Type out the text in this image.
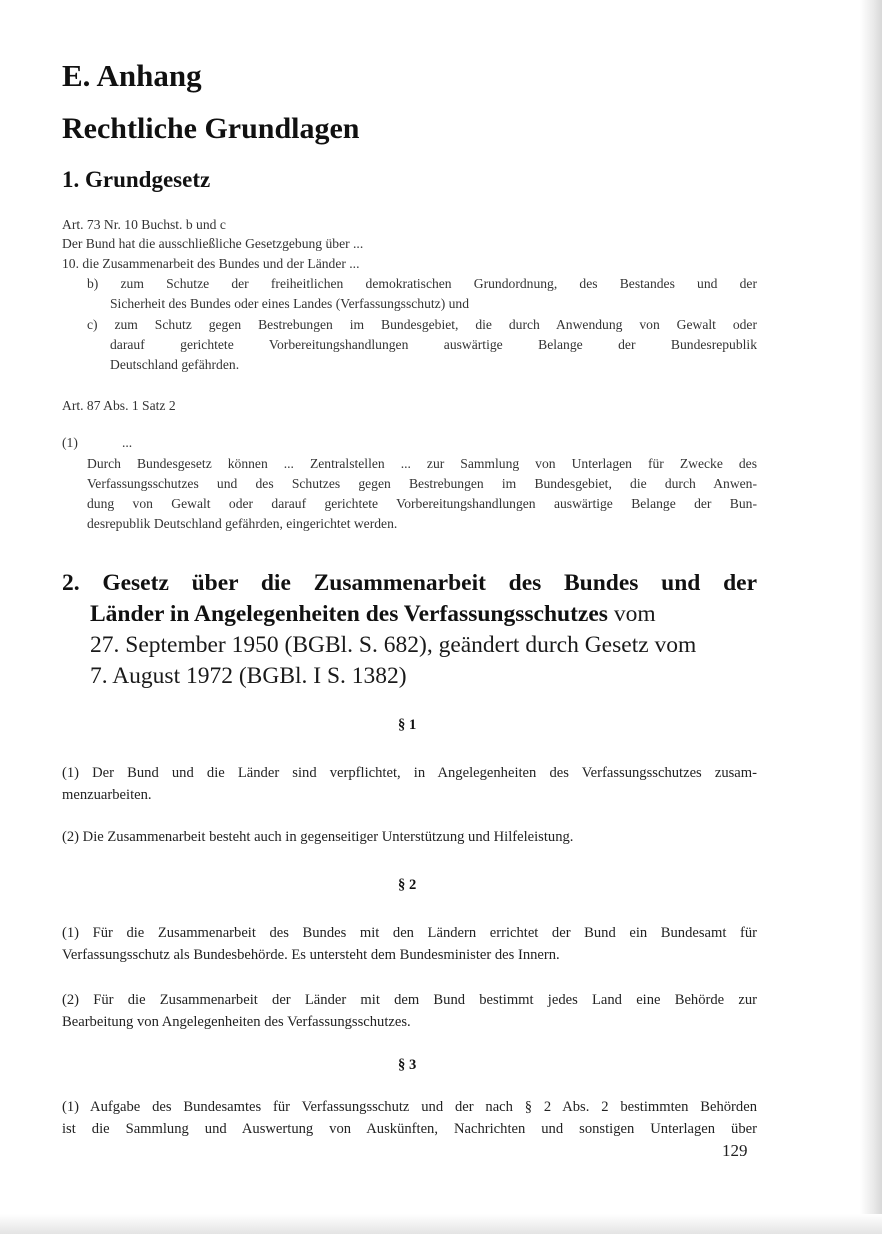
E. Anhang
Rechtliche Grundlagen
1. Grundgesetz
Art. 73 Nr. 10 Buchst. b und c
Der Bund hat die ausschließliche Gesetzgebung über ...
10. die Zusammenarbeit des Bundes und der Länder ...
b) zum Schutze der freiheitlichen demokratischen Grundordnung, des Bestandes und der
Sicherheit des Bundes oder eines Landes (Verfassungsschutz) und
c) zum Schutz gegen Bestrebungen im Bundesgebiet, die durch Anwendung von Gewalt oder
darauf gerichtete Vorbereitungshandlungen auswärtige Belange der Bundesrepublik
Deutschland gefährden.
Art. 87 Abs. 1 Satz 2
(1)	...
Durch Bundesgesetz können ... Zentralstellen ... zur Sammlung von Unterlagen für Zwecke des
Verfassungsschutzes und des Schutzes gegen Bestrebungen im Bundesgebiet, die durch Anwen-
dung von Gewalt oder darauf gerichtete Vorbereitungshandlungen auswärtige Belange der Bun-
desrepublik Deutschland gefährden, eingerichtet werden.
2. Gesetz über die Zusammenarbeit des Bundes und der
Länder in Angelegenheiten des Verfassungsschutzes vom
27. September 1950 (BGBl. S. 682), geändert durch Gesetz vom
7. August 1972 (BGBl. I S. 1382)
§ 1
(1) Der Bund und die Länder sind verpflichtet, in Angelegenheiten des Verfassungsschutzes zusam-
menzuarbeiten.
(2) Die Zusammenarbeit besteht auch in gegenseitiger Unterstützung und Hilfeleistung.
§ 2
(1) Für die Zusammenarbeit des Bundes mit den Ländern errichtet der Bund ein Bundesamt für
Verfassungsschutz als Bundesbehörde. Es untersteht dem Bundesminister des Innern.
(2) Für die Zusammenarbeit der Länder mit dem Bund bestimmt jedes Land eine Behörde zur
Bearbeitung von Angelegenheiten des Verfassungsschutzes.
§ 3
(1) Aufgabe des Bundesamtes für Verfassungsschutz und der nach § 2 Abs. 2 bestimmten Behörden
ist die Sammlung und Auswertung von Auskünften, Nachrichten und sonstigen Unterlagen über
129
